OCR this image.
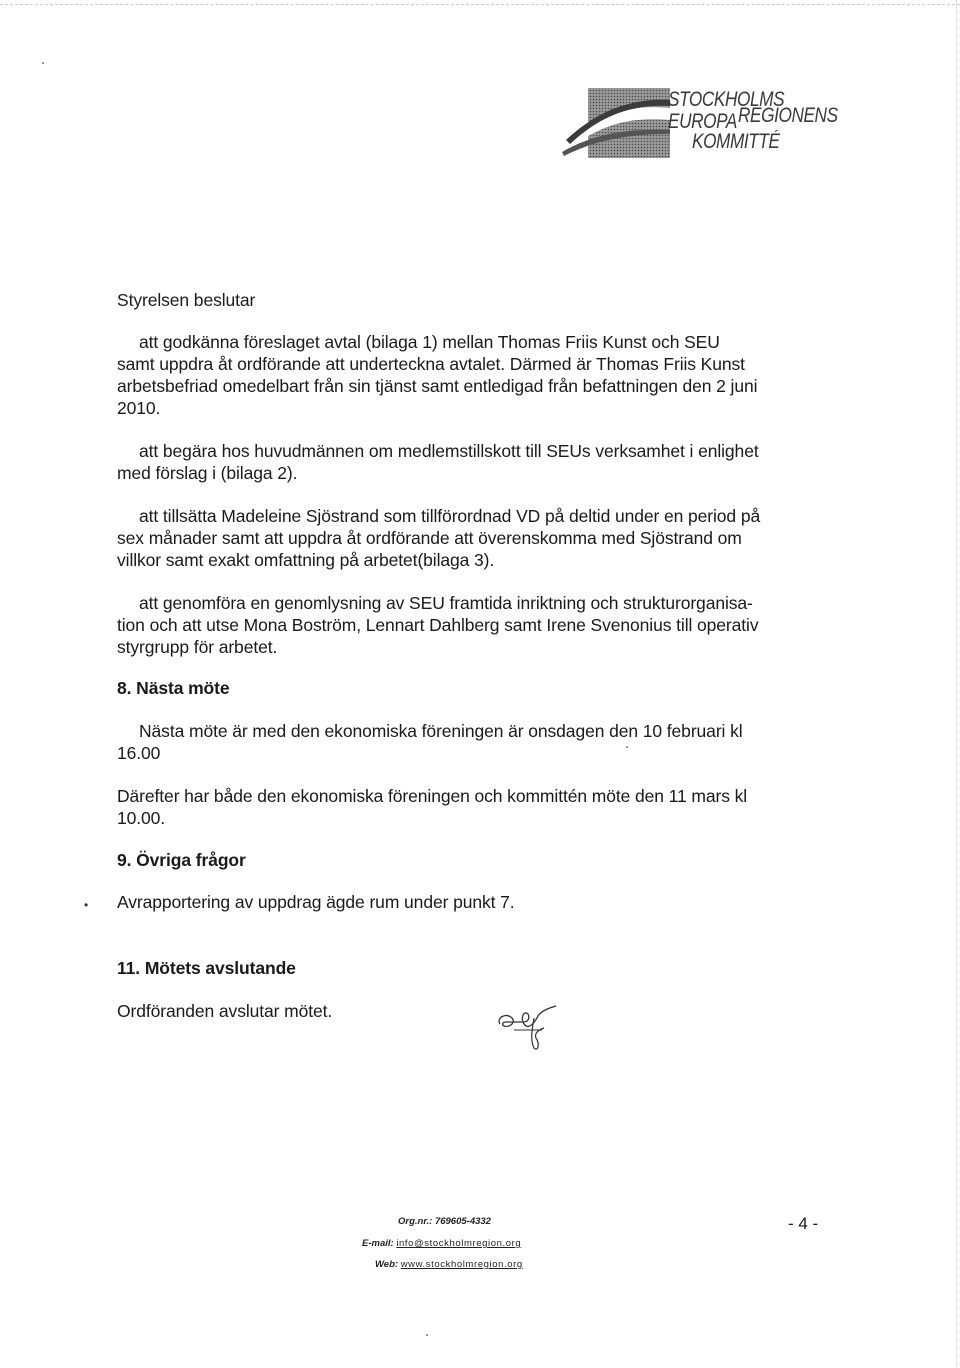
STOCKHOLMS
EUROPA REGIONENS
KOMMITTÉ
Styrelsen beslutar
att godkänna föreslaget avtal (bilaga 1) mellan Thomas Friis Kunst och SEU
samt uppdra åt ordförande att underteckna avtalet. Därmed är Thomas Friis Kunst
arbetsbefriad omedelbart från sin tjänst samt entledigad från befattningen den 2 juni
2010.
att begära hos huvudmännen om medlemstillskott till SEUs verksamhet i enlighet
med förslag i (bilaga 2).
att tillsätta Madeleine Sjöstrand som tillförordnad VD på deltid under en period på
sex månader samt att uppdra åt ordförande att överenskomma med Sjöstrand om
villkor samt exakt omfattning på arbetet(bilaga 3).
att genomföra en genomlysning av SEU framtida inriktning och strukturorganisa-
tion och att utse Mona Boström, Lennart Dahlberg samt Irene Svenonius till operativ
styrgrupp för arbetet.
8. Nästa möte
Nästa möte är med den ekonomiska föreningen är onsdagen den 10 februari kl
16.00
Därefter har både den ekonomiska föreningen och kommittén möte den 11 mars kl
10.00.
9. Övriga frågor
• Avrapportering av uppdrag ägde rum under punkt 7.
11. Mötets avslutande
Ordföranden avslutar mötet.
Org.nr.: 769605-4332
E-mail: info@stockholmregion.org
Web: www.stockholmregion.org
- 4 -
